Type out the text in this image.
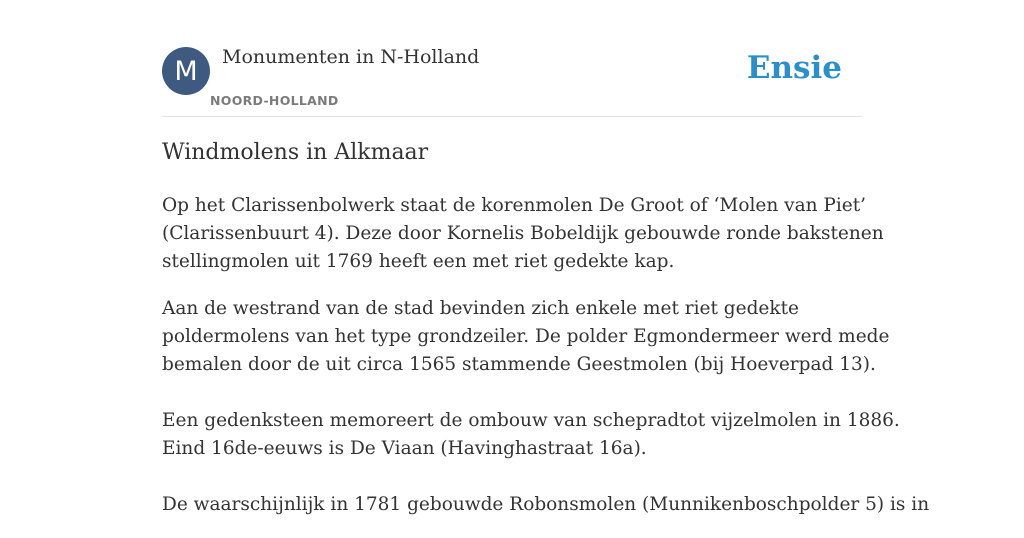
M	Monumenten in N-Holland
NOORD-HOLLAND
Ensie
Windmolens in Alkmaar

Op het Clarissenbolwerk staat de korenmolen De Groot of ‘Molen van Piet’
(Clarissenbuurt 4). Deze door Kornelis Bobeldijk gebouwde ronde bakstenen
stellingmolen uit 1769 heeft een met riet gedekte kap.

Aan de westrand van de stad bevinden zich enkele met riet gedekte
poldermolens van het type grondzeiler. De polder Egmondermeer werd mede
bemalen door de uit circa 1565 stammende Geestmolen (bij Hoeverpad 13).
Een gedenksteen memoreert de ombouw van schepradtot vijzelmolen in 1886.
Eind 16de-eeuws is De Viaan (Havinghastraat 16a).
De waarschijnlijk in 1781 gebouwde Robonsmolen (Munnikenboschpolder 5) is in
